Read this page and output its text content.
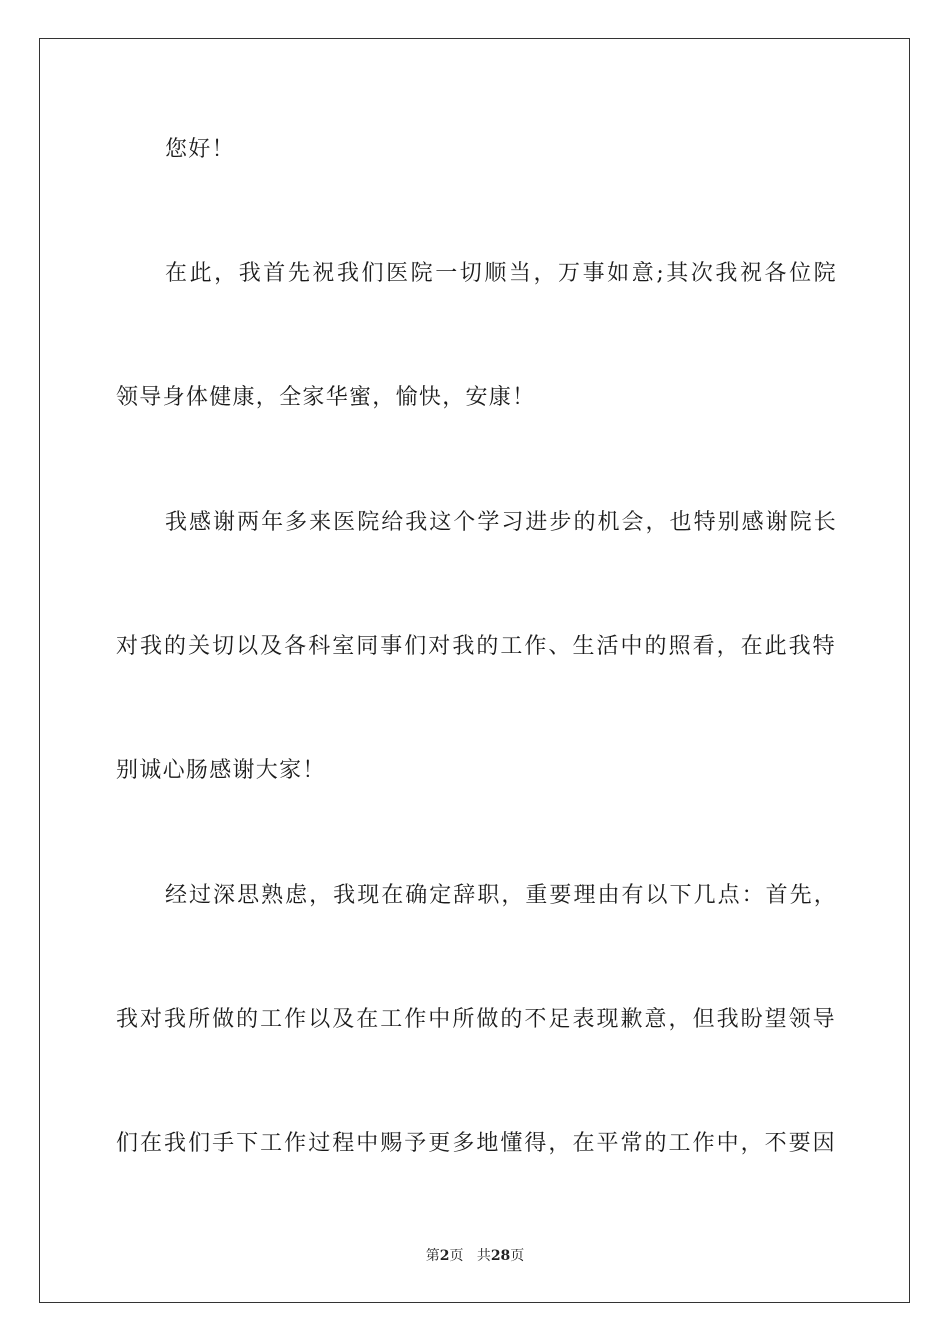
您好！
在此，我首先祝我们医院一切顺当，万事如意;其次我祝各位院
领导身体健康，全家华蜜，愉快，安康！
我感谢两年多来医院给我这个学习进步的机会，也特别感谢院长
对我的关切以及各科室同事们对我的工作、生活中的照看，在此我特
别诚心肠感谢大家！
经过深思熟虑，我现在确定辞职，重要理由有以下几点：首先，
我对我所做的工作以及在工作中所做的不足表现歉意，但我盼望领导
们在我们手下工作过程中赐予更多地懂得，在平常的工作中，不要因
第2页 共28页
